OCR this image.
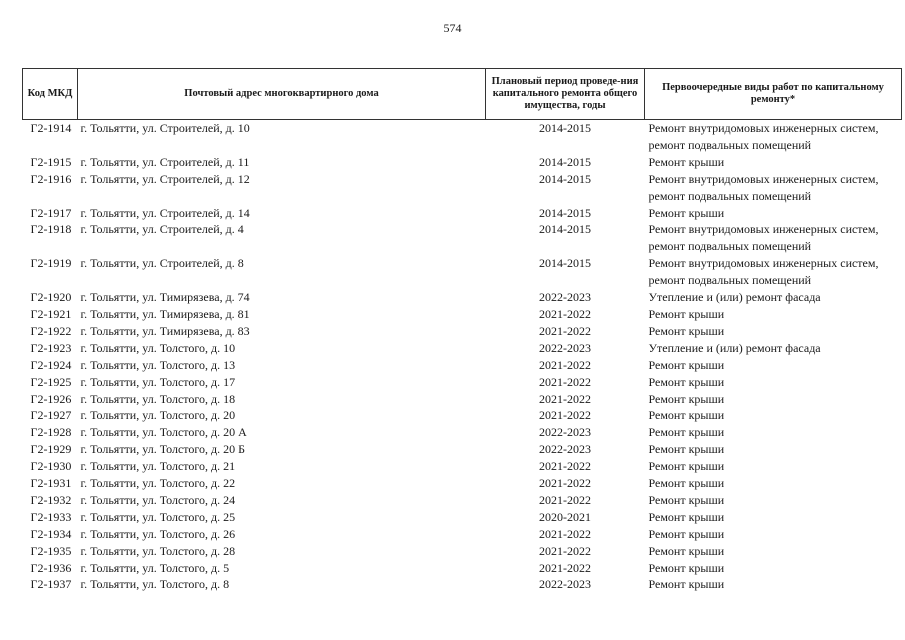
574
Код МКД	Почтовый адрес многоквартирного дома	Плановый период проведе-ния капитального ремонта общего имущества, годы	Первоочередные виды работ по капитальному ремонту*
Г2-1914	г. Тольятти, ул. Строителей, д. 10	2014-2015	Ремонт внутридомовых инженерных систем, ремонт подвальных помещений
Г2-1915	г. Тольятти, ул. Строителей, д. 11	2014-2015	Ремонт крыши
Г2-1916	г. Тольятти, ул. Строителей, д. 12	2014-2015	Ремонт внутридомовых инженерных систем, ремонт подвальных помещений
Г2-1917	г. Тольятти, ул. Строителей, д. 14	2014-2015	Ремонт крыши
Г2-1918	г. Тольятти, ул. Строителей, д. 4	2014-2015	Ремонт внутридомовых инженерных систем, ремонт подвальных помещений
Г2-1919	г. Тольятти, ул. Строителей, д. 8	2014-2015	Ремонт внутридомовых инженерных систем, ремонт подвальных помещений
Г2-1920	г. Тольятти, ул. Тимирязева, д. 74	2022-2023	Утепление и (или) ремонт фасада
Г2-1921	г. Тольятти, ул. Тимирязева, д. 81	2021-2022	Ремонт крыши
Г2-1922	г. Тольятти, ул. Тимирязева, д. 83	2021-2022	Ремонт крыши
Г2-1923	г. Тольятти, ул. Толстого, д. 10	2022-2023	Утепление и (или) ремонт фасада
Г2-1924	г. Тольятти, ул. Толстого, д. 13	2021-2022	Ремонт крыши
Г2-1925	г. Тольятти, ул. Толстого, д. 17	2021-2022	Ремонт крыши
Г2-1926	г. Тольятти, ул. Толстого, д. 18	2021-2022	Ремонт крыши
Г2-1927	г. Тольятти, ул. Толстого, д. 20	2021-2022	Ремонт крыши
Г2-1928	г. Тольятти, ул. Толстого, д. 20 А	2022-2023	Ремонт крыши
Г2-1929	г. Тольятти, ул. Толстого, д. 20 Б	2022-2023	Ремонт крыши
Г2-1930	г. Тольятти, ул. Толстого, д. 21	2021-2022	Ремонт крыши
Г2-1931	г. Тольятти, ул. Толстого, д. 22	2021-2022	Ремонт крыши
Г2-1932	г. Тольятти, ул. Толстого, д. 24	2021-2022	Ремонт крыши
Г2-1933	г. Тольятти, ул. Толстого, д. 25	2020-2021	Ремонт крыши
Г2-1934	г. Тольятти, ул. Толстого, д. 26	2021-2022	Ремонт крыши
Г2-1935	г. Тольятти, ул. Толстого, д. 28	2021-2022	Ремонт крыши
Г2-1936	г. Тольятти, ул. Толстого, д. 5	2021-2022	Ремонт крыши
Г2-1937	г. Тольятти, ул. Толстого, д. 8	2022-2023	Ремонт крыши
